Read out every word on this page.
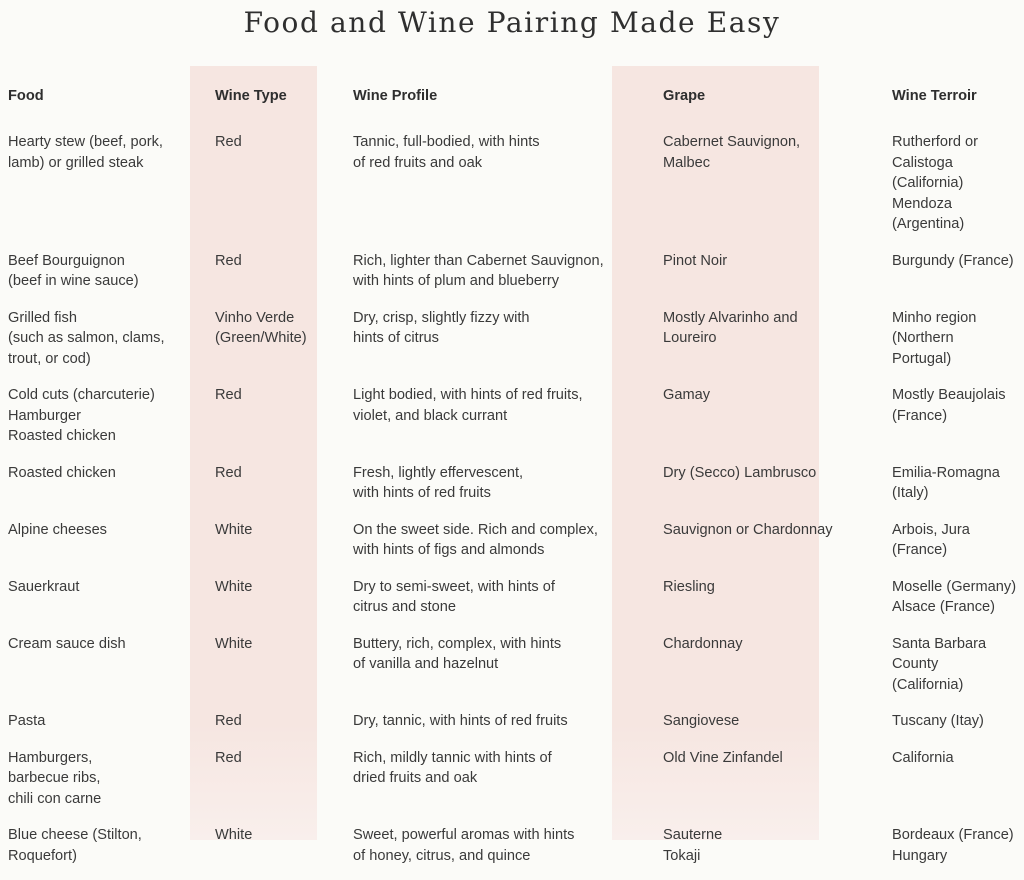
Food and Wine Pairing Made Easy
Food	Wine Type	Wine Profile	Grape	Wine Terroir

Hearty stew (beef, pork,
lamb) or grilled steak	Red	Tannic, full-bodied, with hints
of red fruits and oak	Cabernet Sauvignon,
Malbec	Rutherford or
Calistoga (California)
Mendoza (Argentina)

Beef Bourguignon
(beef in wine sauce)	Red	Rich, lighter than Cabernet Sauvignon,
with hints of plum and blueberry	Pinot Noir	Burgundy (France)

Grilled fish
(such as salmon, clams,
trout, or cod)	Vinho Verde
(Green/White)	Dry, crisp, slightly fizzy with
hints of citrus	Mostly Alvarinho and
Loureiro	Minho region (Northern
Portugal)

Cold cuts (charcuterie)
Hamburger
Roasted chicken	Red	Light bodied, with hints of red fruits,
violet, and black currant	Gamay	Mostly Beaujolais (France)

Roasted chicken	Red	Fresh, lightly effervescent,
with hints of red fruits	Dry (Secco) Lambrusco	Emilia-Romagna (Italy)

Alpine cheeses	White	On the sweet side. Rich and complex,
with hints of figs and almonds	Sauvignon or Chardonnay	Arbois, Jura (France)

Sauerkraut	White	Dry to semi-sweet, with hints of
citrus and stone	Riesling	Moselle (Germany)
Alsace (France)

Cream sauce dish	White	Buttery, rich, complex, with hints
of vanilla and hazelnut	Chardonnay	Santa Barbara County
(California)

Pasta	Red	Dry, tannic, with hints of red fruits	Sangiovese	Tuscany (Itay)

Hamburgers,
barbecue ribs,
chili con carne	Red	Rich, mildly tannic with hints of
dried fruits and oak	Old Vine Zinfandel	California

Blue cheese (Stilton,
Roquefort)	White	Sweet, powerful aromas with hints
of honey, citrus, and quince	Sauterne
Tokaji	Bordeaux (France)
Hungary
